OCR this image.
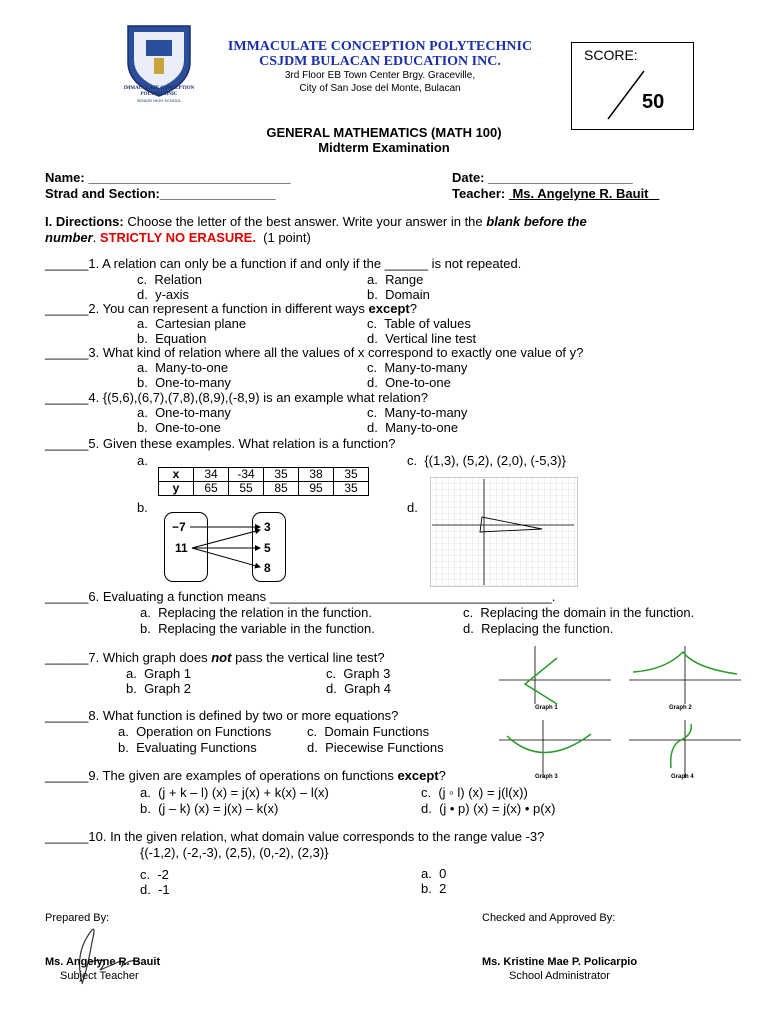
IMMACULATE CONCEPTION POLYTECHNIC
SENIOR HIGH SCHOOL
IMMACULATE CONCEPTION POLYTECHNIC
CSJDM BULACAN EDUCATION INC.
3rd Floor EB Town Center Brgy. Graceville,
City of San Jose del Monte, Bulacan
SCORE:
50
GENERAL MATHEMATICS (MATH 100)
Midterm Examination
Name: ____________________________	Date: ____________________
Strad and Section:________________	Teacher:  Ms. Angelyne R. Bauit
I. Directions: Choose the letter of the best answer. Write your answer in the blank before the
number. STRICTLY NO ERASURE.  (1 point)
______1. A relation can only be a function if and only if the ______ is not repeated.
c.  Relation	a.  Range
d.  y-axis	b.  Domain
______2. You can represent a function in different ways except?
a.  Cartesian plane	c.  Table of values
b.  Equation	d.  Vertical line test
______3. What kind of relation where all the values of x correspond to exactly one value of y?
a.  Many-to-one	c.  Many-to-many
b.  One-to-many	d.  One-to-one
______4. {(5,6),(6,7),(7,8),(8,9),(-8,9) is an example what relation?
a.  One-to-many	c.  Many-to-many
b.  One-to-one	d.  Many-to-one
______5. Given these examples. What relation is a function?
a.	c.  {(1,3), (5,2), (2,0), (-5,3)}
x	34	-34	35	38	35
y	65	55	85	95	35
b.	d.
−7
11
3
5
8
______6. Evaluating a function means _______________________________________.
a.  Replacing the relation in the function.	c.  Replacing the domain in the function.
b.  Replacing the variable in the function.	d.  Replacing the function.
______7. Which graph does not pass the vertical line test?
a.  Graph 1	c.  Graph 3
b.  Graph 2	d.  Graph 4
Graph 1	Graph 2
Graph 3	Graph 4
______8. What function is defined by two or more equations?
a.  Operation on Functions	c.  Domain Functions
b.  Evaluating Functions	d.  Piecewise Functions
______9. The given are examples of operations on functions except?
a.  (j + k – l) (x) = j(x) + k(x) – l(x)	c.  (j ◦ l) (x) = j(l(x))
b.  (j – k) (x) = j(x) – k(x)	d.  (j • p) (x) = j(x) • p(x)
______10. In the given relation, what domain value corresponds to the range value -3?
{(-1,2), (-2,-3), (2,5), (0,-2), (2,3)}
c.  -2	a.  0
d.  -1	b.  2
Prepared By:	Checked and Approved By:
Ms. Angelyne R. Bauit
Subject Teacher
Ms. Kristine Mae P. Policarpio
School Administrator
